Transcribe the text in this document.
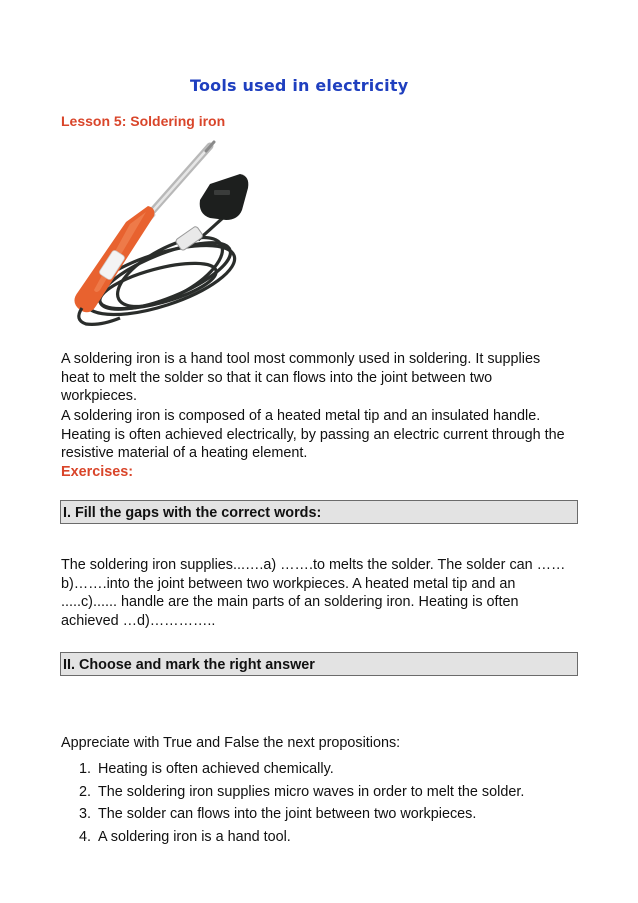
Tools used in electricity
Lesson 5: Soldering iron
A soldering iron is a hand tool most commonly used in soldering. It supplies heat to melt the solder so that it can flows into the joint between two workpieces.
A soldering iron is composed of a heated metal tip and an insulated handle. Heating is often achieved electrically, by passing an electric current through the resistive material of a heating element.
Exercises:
I. Fill the gaps with the correct words:
The soldering iron supplies...….a) …….to melts the solder. The solder can ……b)…….into the joint between two workpieces. A heated metal tip and an .....c)...... handle are the main parts of an soldering iron. Heating is often achieved …d)…………..
II. Choose and mark the right answer
Appreciate with True and False the next propositions:
1. Heating is often achieved chemically.
2. The soldering iron supplies micro waves in order to melt the solder.
3. The solder can flows into the joint between two workpieces.
4. A soldering iron is a hand tool.
